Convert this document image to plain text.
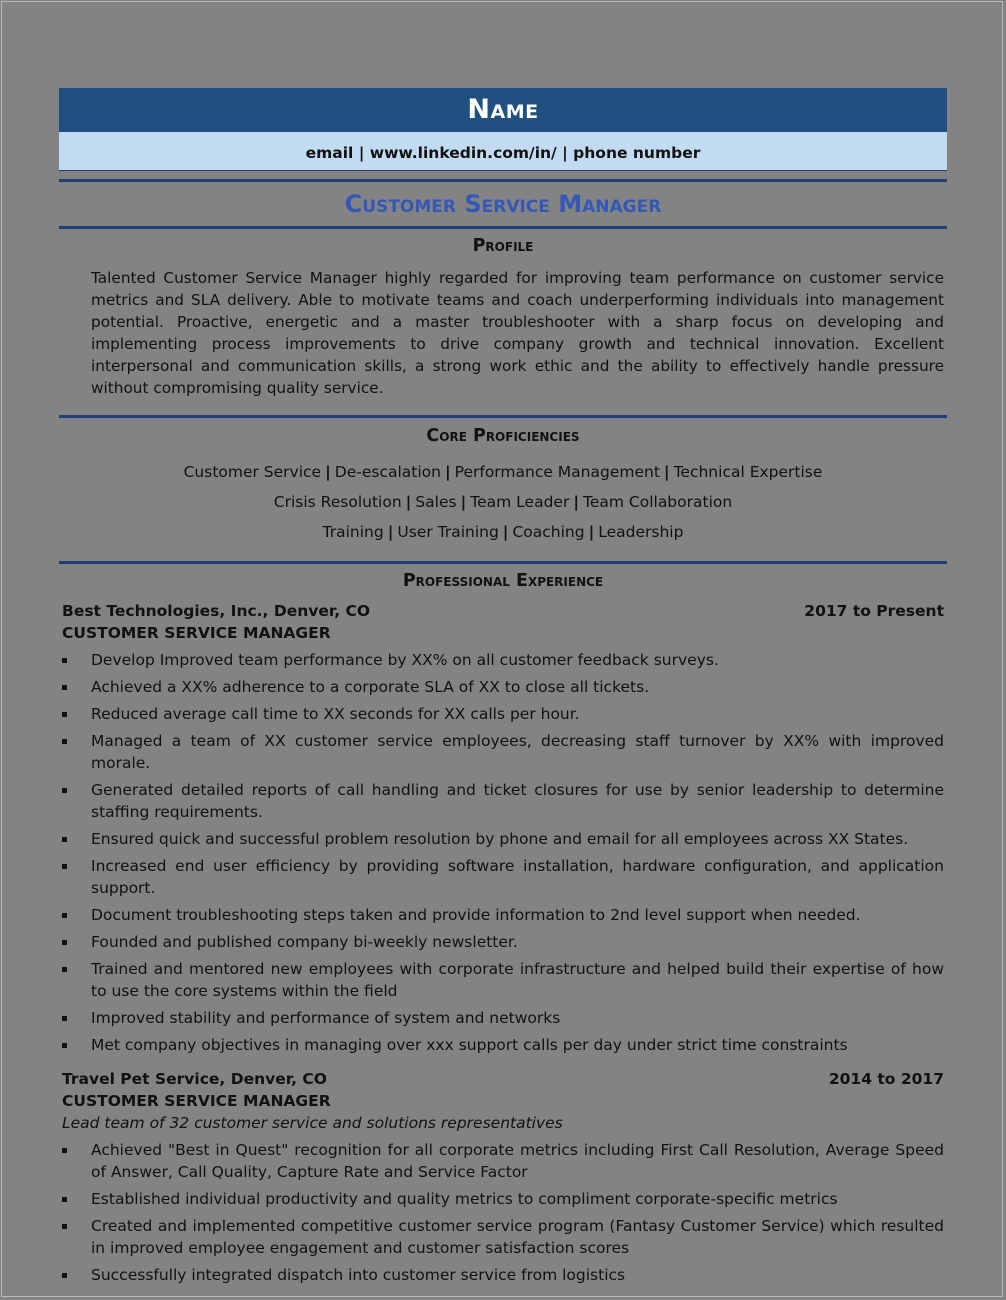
Name
email | www.linkedin.com/in/ | phone number
Customer Service Manager
Profile
Talented Customer Service Manager highly regarded for improving team performance on customer service metrics and SLA delivery. Able to motivate teams and coach underperforming individuals into management potential. Proactive, energetic and a master troubleshooter with a sharp focus on developing and implementing process improvements to drive company growth and technical innovation. Excellent interpersonal and communication skills, a strong work ethic and the ability to effectively handle pressure without compromising quality service.
Core Proficiencies
Customer Service | De-escalation | Performance Management | Technical Expertise
Crisis Resolution | Sales | Team Leader | Team Collaboration
Training | User Training | Coaching | Leadership
Professional Experience
Best Technologies, Inc., Denver, CO	2017 to Present
CUSTOMER SERVICE MANAGER
Develop Improved team performance by XX% on all customer feedback surveys.
Achieved a XX% adherence to a corporate SLA of XX to close all tickets.
Reduced average call time to XX seconds for XX calls per hour.
Managed a team of XX customer service employees, decreasing staff turnover by XX% with improved morale.
Generated detailed reports of call handling and ticket closures for use by senior leadership to determine staffing requirements.
Ensured quick and successful problem resolution by phone and email for all employees across XX States.
Increased end user efficiency by providing software installation, hardware configuration, and application support.
Document troubleshooting steps taken and provide information to 2nd level support when needed.
Founded and published company bi-weekly newsletter.
Trained and mentored new employees with corporate infrastructure and helped build their expertise of how to use the core systems within the field
Improved stability and performance of system and networks
Met company objectives in managing over xxx support calls per day under strict time constraints
Travel Pet Service, Denver, CO	2014 to 2017
CUSTOMER SERVICE MANAGER
Lead team of 32 customer service and solutions representatives
Achieved "Best in Quest" recognition for all corporate metrics including First Call Resolution, Average Speed of Answer, Call Quality, Capture Rate and Service Factor
Established individual productivity and quality metrics to compliment corporate-specific metrics
Created and implemented competitive customer service program (Fantasy Customer Service) which resulted in improved employee engagement and customer satisfaction scores
Successfully integrated dispatch into customer service from logistics
